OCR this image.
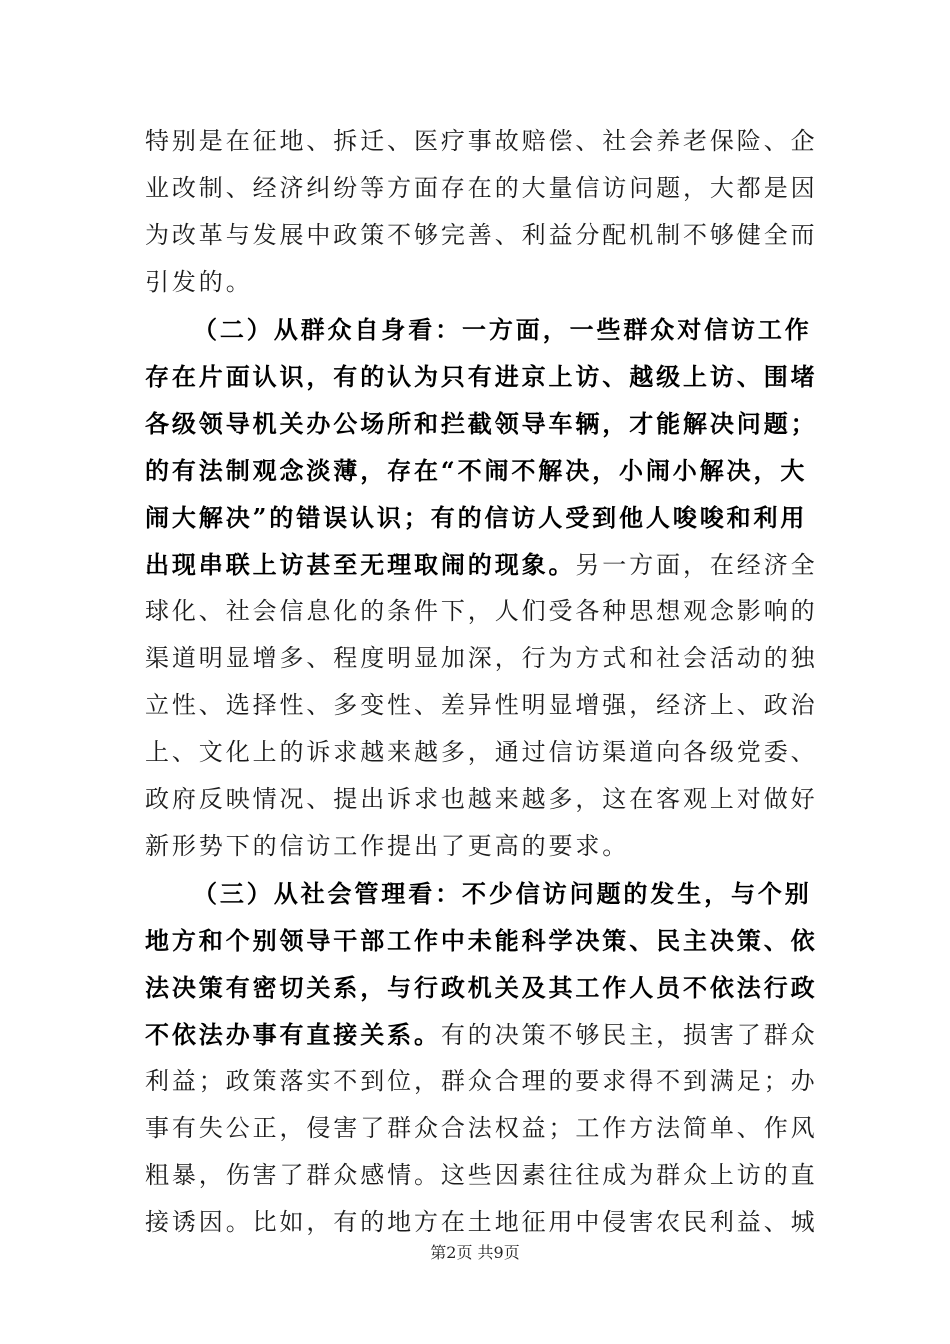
特别是在征地、拆迁、医疗事故赔偿、社会养老保险、企
业改制、经济纠纷等方面存在的大量信访问题，大都是因
为改革与发展中政策不够完善、利益分配机制不够健全而
引发的。
（二）从群众自身看：一方面，一些群众对信访工作
存在片面认识，有的认为只有进京上访、越级上访、围堵
各级领导机关办公场所和拦截领导车辆，才能解决问题；
的有法制观念淡薄，存在“不闹不解决，小闹小解决，大
闹大解决”的错误认识；有的信访人受到他人唆唆和利用
出现串联上访甚至无理取闹的现象。另一方面，在经济全
球化、社会信息化的条件下，人们受各种思想观念影响的
渠道明显增多、程度明显加深，行为方式和社会活动的独
立性、选择性、多变性、差异性明显增强，经济上、政治
上、文化上的诉求越来越多，通过信访渠道向各级党委、
政府反映情况、提出诉求也越来越多，这在客观上对做好
新形势下的信访工作提出了更高的要求。
（三）从社会管理看：不少信访问题的发生，与个别
地方和个别领导干部工作中未能科学决策、民主决策、依
法决策有密切关系，与行政机关及其工作人员不依法行政
不依法办事有直接关系。有的决策不够民主，损害了群众
利益；政策落实不到位，群众合理的要求得不到满足；办
事有失公正，侵害了群众合法权益；工作方法简单、作风
粗暴，伤害了群众感情。这些因素往往成为群众上访的直
接诱因。比如，有的地方在土地征用中侵害农民利益、城
第2页 共9页
